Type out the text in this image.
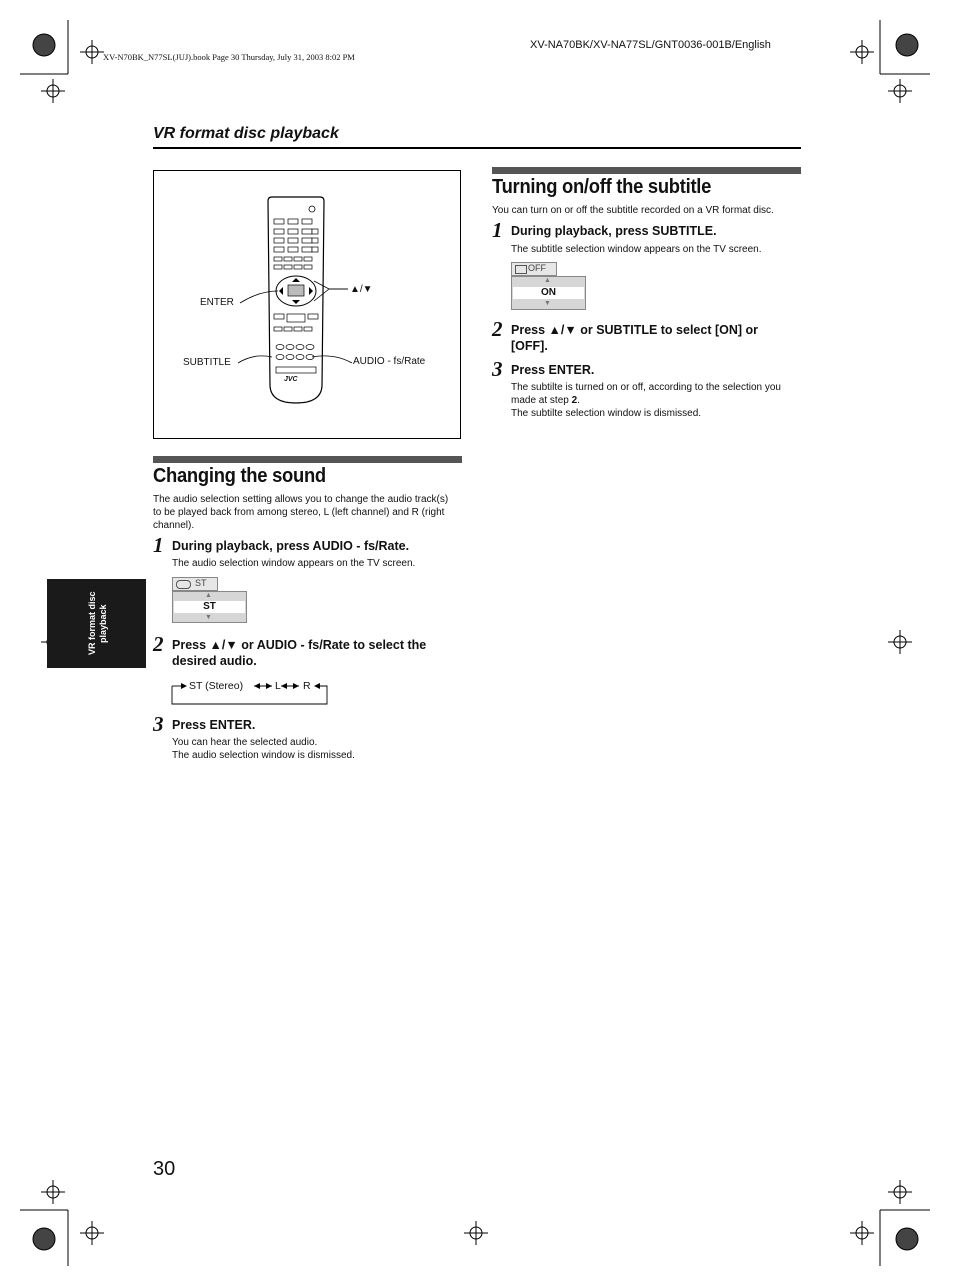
XV-N70BK_N77SL(JUJ).book Page 30 Thursday, July 31, 2003 8:02 PM
XV-NA70BK/XV-NA77SL/GNT0036-001B/English
VR format disc playback
ENTER
▲/▼
SUBTITLE	AUDIO - fs/Rate
JVC
Turning on/off the subtitle
You can turn on or off the subtitle recorded on a VR format disc.
1 During playback, press SUBTITLE.
The subtitle selection window appears on the TV screen.
OFF
▲
ON
▼
2 Press ▲/▼ or SUBTITLE to select [ON] or [OFF].
3 Press ENTER.
The subtilte is turned on or off, according to the selection you made at step 2.
The subtilte selection window is dismissed.
Changing the sound
The audio selection setting allows you to change the audio track(s) to be played back from among stereo, L (left channel) and R (right channel).
1 During playback, press AUDIO - fs/Rate.
The audio selection window appears on the TV screen.
ST
▲
ST
▼
2 Press ▲/▼ or AUDIO - fs/Rate to select the desired audio.
ST (Stereo)	L R
3 Press ENTER.
You can hear the selected audio.
The audio selection window is dismissed.
VR format disc playback
30
